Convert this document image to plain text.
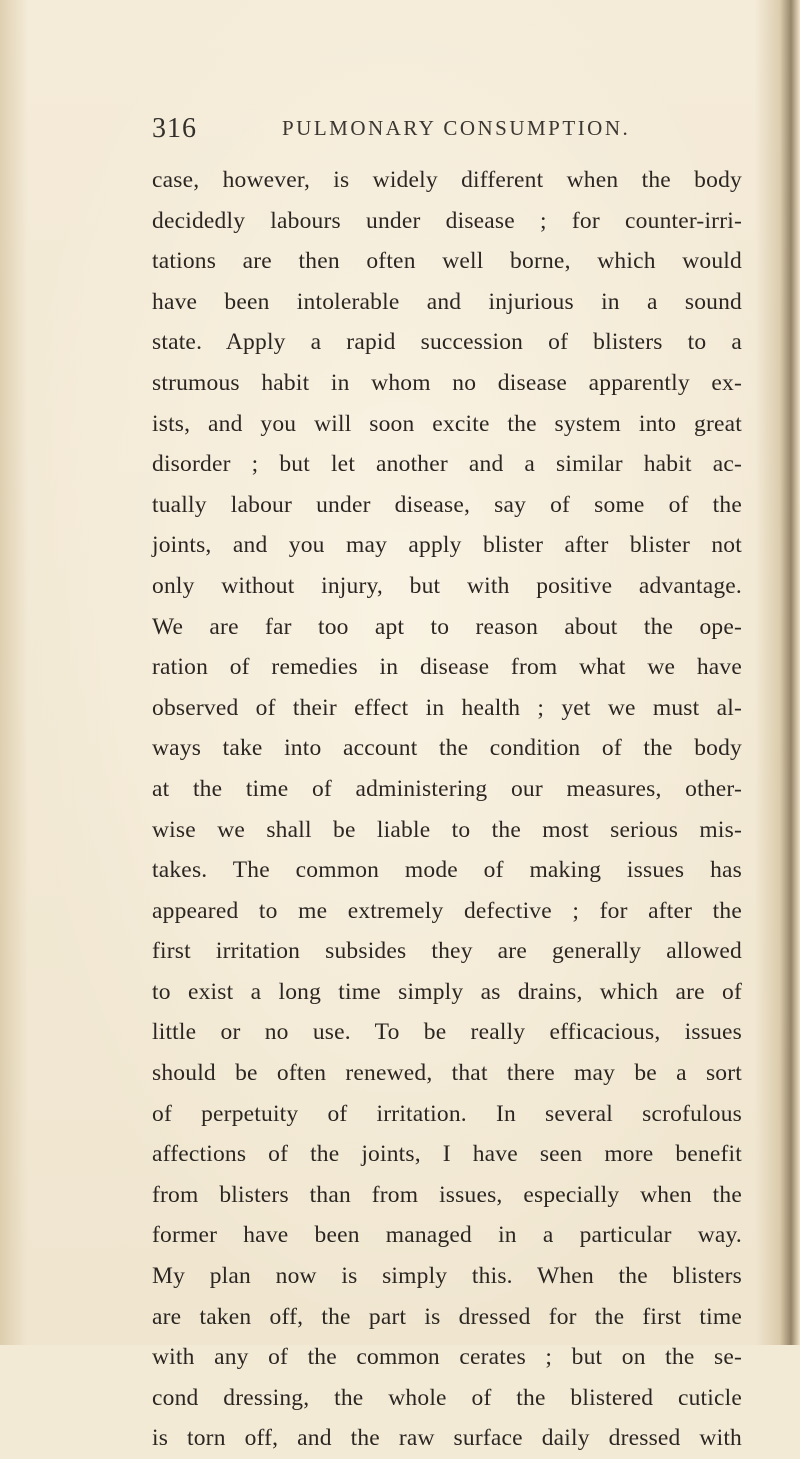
316	PULMONARY CONSUMPTION.
case, however, is widely different when the body
decidedly labours under disease ; for counter-irri-
tations are then often well borne, which would
have been intolerable and injurious in a sound
state. Apply a rapid succession of blisters to a
strumous habit in whom no disease apparently ex-
ists, and you will soon excite the system into great
disorder ; but let another and a similar habit ac-
tually labour under disease, say of some of the
joints, and you may apply blister after blister not
only without injury, but with positive advantage.
We are far too apt to reason about the ope-
ration of remedies in disease from what we have
observed of their effect in health ; yet we must al-
ways take into account the condition of the body
at the time of administering our measures, other-
wise we shall be liable to the most serious mis-
takes. The common mode of making issues has
appeared to me extremely defective ; for after the
first irritation subsides they are generally allowed
to exist a long time simply as drains, which are of
little or no use. To be really efficacious, issues
should be often renewed, that there may be a sort
of perpetuity of irritation. In several scrofulous
affections of the joints, I have seen more benefit
from blisters than from issues, especially when the
former have been managed in a particular way.
My plan now is simply this. When the blisters
are taken off, the part is dressed for the first time
with any of the common cerates ; but on the se-
cond dressing, the whole of the blistered cuticle
is torn off, and the raw surface daily dressed with
